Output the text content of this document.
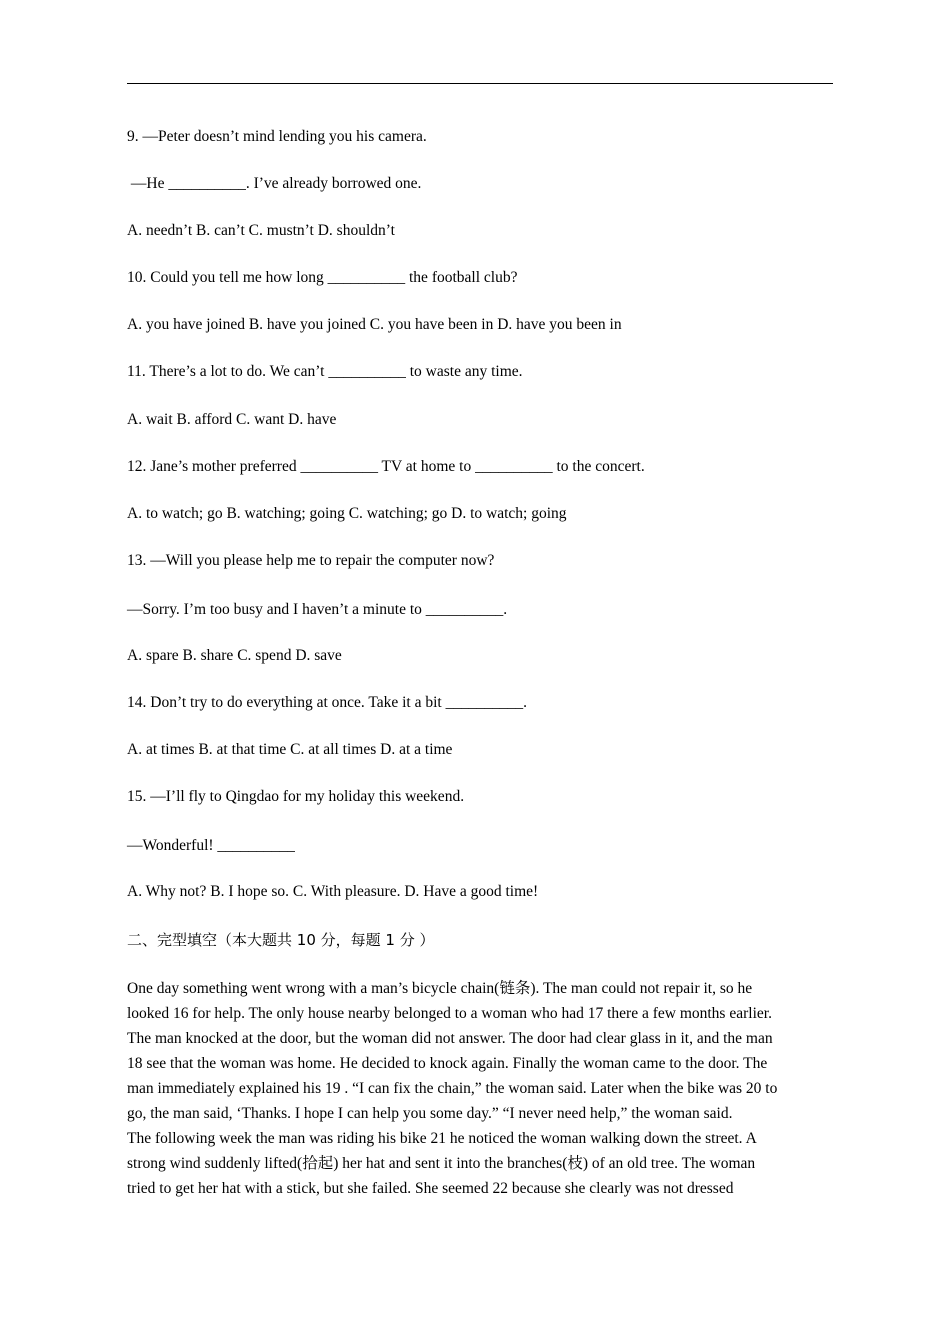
9. —Peter doesn’t mind lending you his camera.
—He __________. I’ve already borrowed one.
A. needn’t B. can’t C. mustn’t D. shouldn’t
10. Could you tell me how long __________ the football club?
A. you have joined B. have you joined C. you have been in D. have you been in
11. There’s a lot to do. We can’t __________ to waste any time.
A. wait B. afford C. want D. have
12. Jane’s mother preferred __________ TV at home to __________ to the concert.
A. to watch; go B. watching; going C. watching; go D. to watch; going
13. —Will you please help me to repair the computer now?
—Sorry. I’m too busy and I haven’t a minute to __________.
A. spare B. share C. spend D. save
14. Don’t try to do everything at once. Take it a bit __________.
A. at times B. at that time C. at all times D. at a time
15. —I’ll fly to Qingdao for my holiday this weekend.
—Wonderful! __________
A. Why not? B. I hope so. C. With pleasure. D. Have a good time!
二、完型填空（本大题共 10 分，每题 1 分 ）

One day something went wrong with a man’s bicycle chain(链条). The man could not repair it, so he

looked 16 for help. The only house nearby belonged to a woman who had 17 there a few months earlier.

The man knocked at the door, but the woman did not answer. The door had clear glass in it, and the man

18 see that the woman was home. He decided to knock again. Finally the woman came to the door. The

man immediately explained his 19 . “I can fix the chain,” the woman said. Later when the bike was 20 to

go, the man said, ‘Thanks. I hope I can help you some day.” “I never need help,” the woman said.

The following week the man was riding his bike 21 he noticed the woman walking down the street. A

strong wind suddenly lifted(拾起) her hat and sent it into the branches(枝) of an old tree. The woman

tried to get her hat with a stick, but she failed. She seemed 22 because she clearly was not dressed
